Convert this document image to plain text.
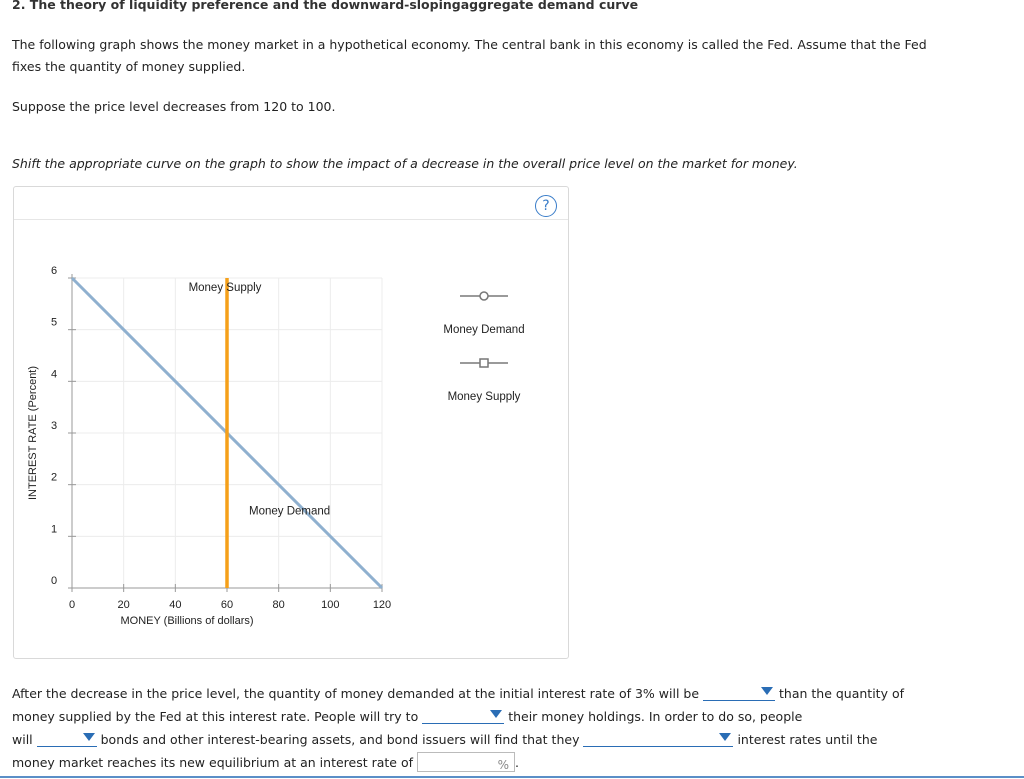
2. The theory of liquidity preference and the downward-slopingaggregate demand curve
The following graph shows the money market in a hypothetical economy. The central bank in this economy is called the Fed. Assume that the Fed
fixes the quantity of money supplied.
Suppose the price level decreases from 120 to 100.
Shift the appropriate curve on the graph to show the impact of a decrease in the overall price level on the market for money.
?
0	20	40	60	80	100	120
0
1
2
3
4
5
6
MONEY (Billions of dollars)
INTEREST RATE (Percent)
Money Supply
Money Demand
Money Demand
Money Supply
After the decrease in the price level, the quantity of money demanded at the initial interest rate of 3% will be	than the quantity of
money supplied by the Fed at this interest rate. People will try to	their money holdings. In order to do so, people
will	bonds and other interest-bearing assets, and bond issuers will find that they	interest rates until the
money market reaches its new equilibrium at an interest rate of	% .
